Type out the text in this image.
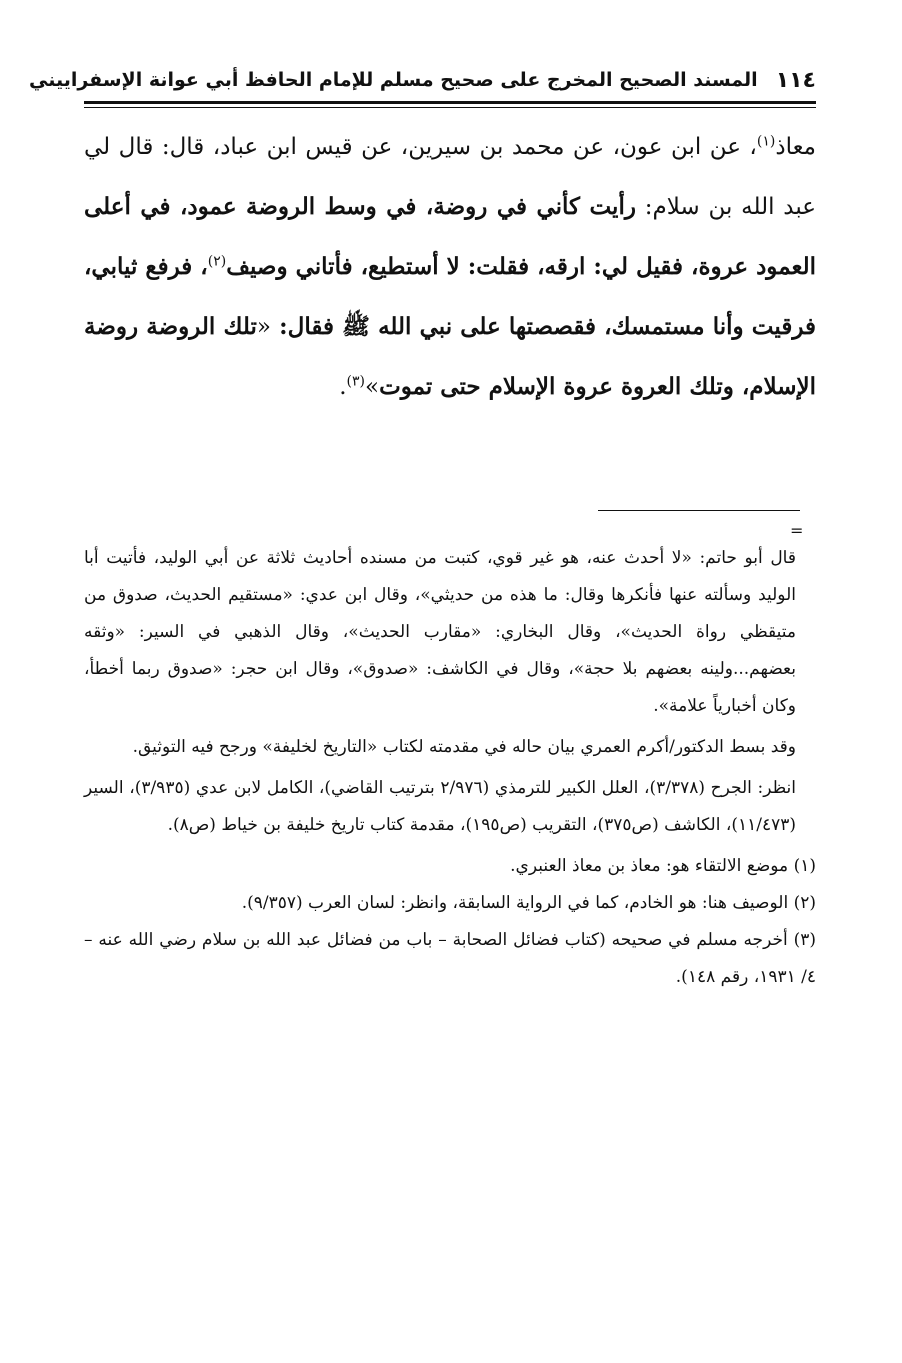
١١٤
المسند الصحيح المخرج على صحيح مسلم للإمام الحافظ أبي عوانة الإسفراييني

معاذ$^{(١)}$، عن ابن عون، عن محمد بن سيرين، عن قيس ابن عباد، قال: قال لي عبد الله بن سلام: رأيت كأني في روضة، في وسط الروضة عمود، في أعلى العمود عروة، فقيل لي: ارقه، فقلت: لا أستطيع، فأتاني وصيف$^{(٢)}$، فرفع ثيابي، فرقيت وأنا مستمسك، فقصصتها على نبي الله ﷺ فقال: «تلك الروضة روضة الإسلام، وتلك العروة عروة الإسلام حتى تموت»$^{(٣)}$.

=

قال أبو حاتم: «لا أحدث عنه، هو غير قوي، كتبت من مسنده أحاديث ثلاثة عن أبي الوليد، فأتيت أبا الوليد وسألته عنها فأنكرها وقال: ما هذه من حديثي»، وقال ابن عدي: «مستقيم الحديث، صدوق من متيقظي رواة الحديث»، وقال البخاري: «مقارب الحديث»، وقال الذهبي في السير: «وثقه بعضهم...ولينه بعضهم بلا حجة»، وقال في الكاشف: «صدوق»، وقال ابن حجر: «صدوق ربما أخطأ، وكان أخبارياً علامة».

وقد بسط الدكتور/أكرم العمري بيان حاله في مقدمته لكتاب «التاريخ لخليفة» ورجح فيه التوثيق.

انظر: الجرح (٣/٣٧٨)، العلل الكبير للترمذي (٢/٩٧٦ بترتيب القاضي)، الكامل لابن عدي (٣/٩٣٥)، السير (١١/٤٧٣)، الكاشف (ص٣٧٥)، التقريب (ص١٩٥)، مقدمة كتاب تاريخ خليفة بن خياط (ص٨).

(١) موضع الالتقاء هو: معاذ بن معاذ العنبري.

(٢) الوصيف هنا: هو الخادم، كما في الرواية السابقة، وانظر: لسان العرب (٩/٣٥٧).

(٣) أخرجه مسلم في صحيحه (كتاب فضائل الصحابة – باب من فضائل عبد الله بن سلام رضي الله عنه – ٤/ ١٩٣١، رقم ١٤٨).
